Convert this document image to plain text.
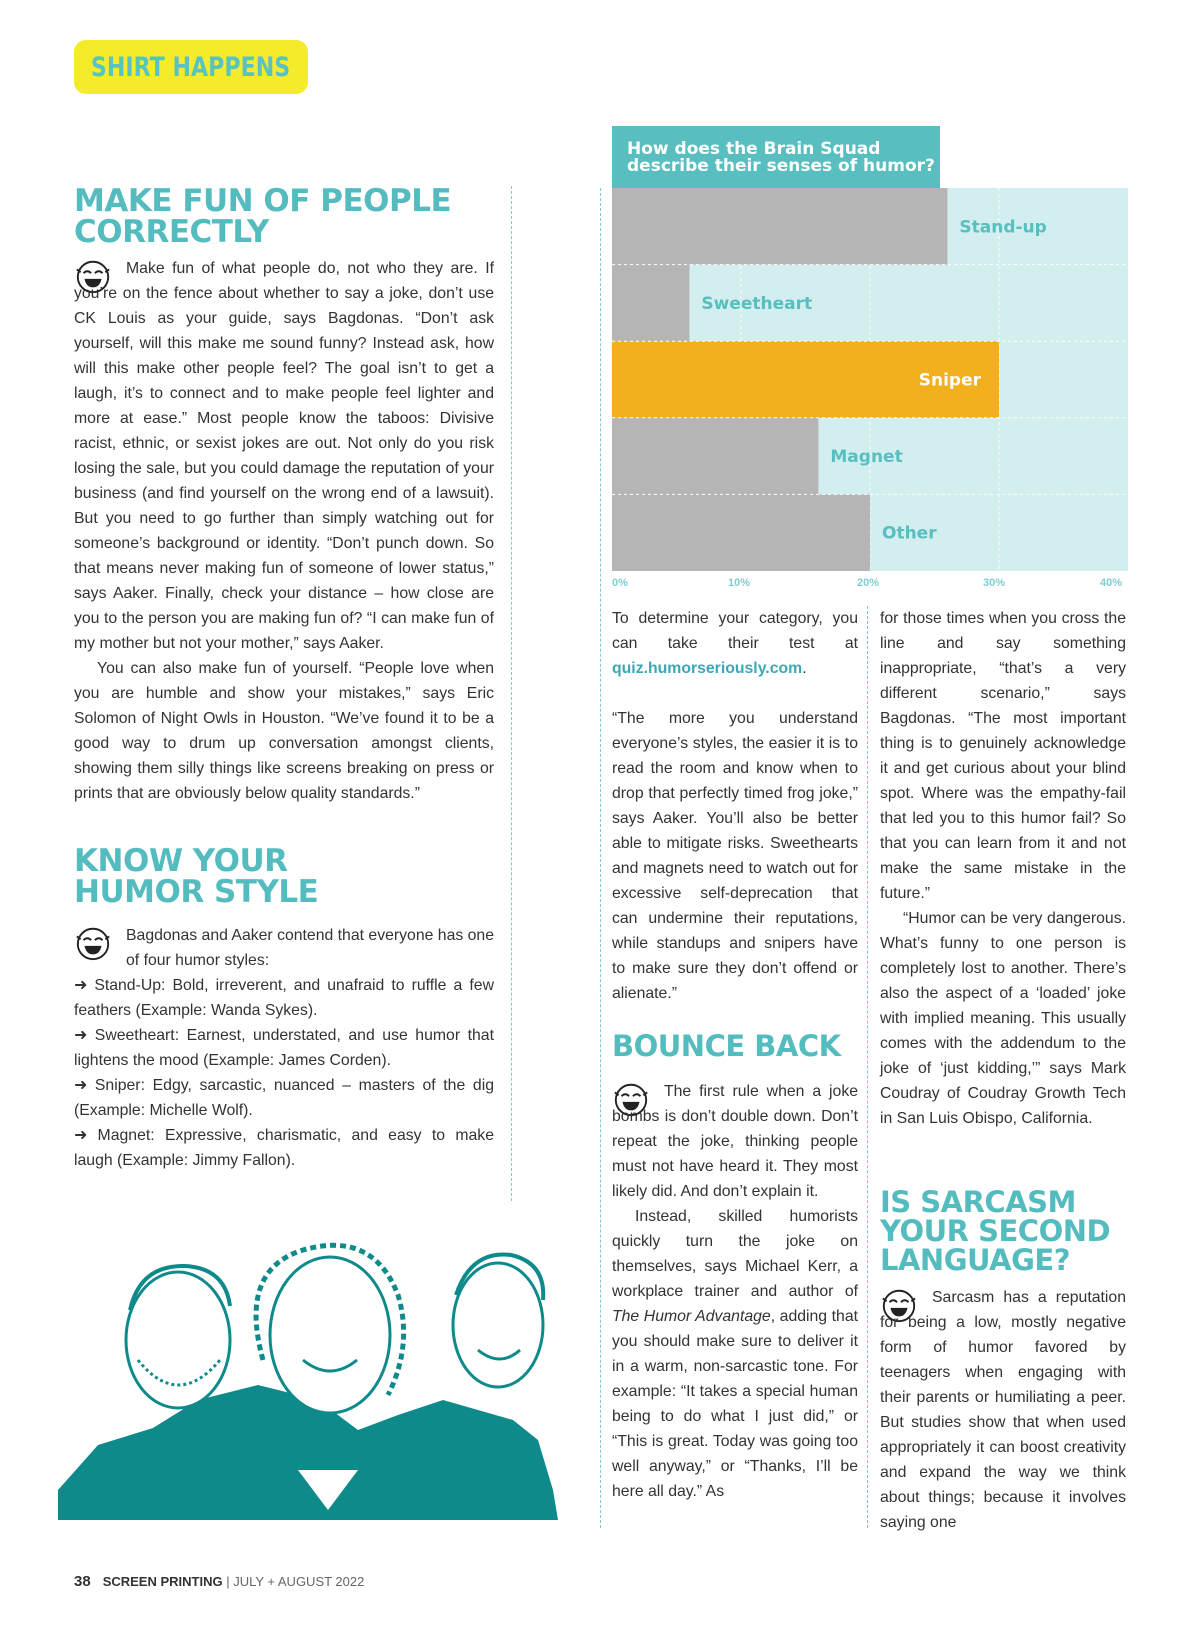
SHIRT HAPPENS
MAKE FUN OF PEOPLE
CORRECTLY

Make fun of what people do, not who they are. If you’re on the fence about whether to say a joke, don’t use CK Louis as your guide, says Bagdonas. “Don’t ask yourself, will this make me sound funny? Instead ask, how will this make other people feel? The goal isn’t to get a laugh, it’s to connect and to make people feel lighter and more at ease.” Most people know the taboos: Divisive racist, ethnic, or sexist jokes are out. Not only do you risk losing the sale, but you could damage the reputation of your business (and find yourself on the wrong end of a lawsuit). But you need to go further than simply watching out for someone’s background or identity. “Don’t punch down. So that means never making fun of someone of lower status,” says Aaker. Finally, check your distance – how close are you to the person you are making fun of? “I can make fun of my mother but not your mother,” says Aaker.

You can also make fun of yourself. “People love when you are humble and show your mistakes,” says Eric Solomon of Night Owls in Houston. “We’ve found it to be a good way to drum up conversation amongst clients, showing them silly things like screens breaking on press or prints that are obviously below quality standards.”

KNOW YOUR
HUMOR STYLE

Bagdonas and Aaker contend that everyone has one of four humor styles:

➜ Stand-Up: Bold, irreverent, and unafraid to ruffle a few feathers (Example: Wanda Sykes).

➜ Sweetheart: Earnest, understated, and use humor that lightens the mood (Example: James Corden).

➜ Sniper: Edgy, sarcastic, nuanced – masters of the dig (Example: Michelle Wolf).

➜ Magnet: Expressive, charismatic, and easy to make laugh (Example: Jimmy Fallon).

How does the Brain Squad describe their senses of humor?
Stand-up
Sweetheart
Sniper
Magnet
Other
0%	10%	20%	30%	40%

To determine your category, you can take their test at quiz.humorseriously.com.

“The more you understand everyone’s styles, the easier it is to read the room and know when to drop that perfectly timed frog joke,” says Aaker. You’ll also be better able to mitigate risks. Sweethearts and magnets need to watch out for excessive self-deprecation that can undermine their reputations, while standups and snipers have to make sure they don’t offend or alienate.”

BOUNCE BACK

The first rule when a joke bombs is don’t double down. Don’t repeat the joke, thinking people must not have heard it. They most likely did. And don’t explain it.

Instead, skilled humorists quickly turn the joke on themselves, says Michael Kerr, a workplace trainer and author of The Humor Advantage, adding that you should make sure to deliver it in a warm, non-sarcastic tone. For example: “It takes a special human being to do what I just did,” or “This is great. Today was going too well anyway,” or “Thanks, I’ll be here all day.” As

for those times when you cross the line and say something inappropriate, “that’s a very different scenario,” says Bagdonas. “The most important thing is to genuinely acknowledge it and get curious about your blind spot. Where was the empathy-fail that led you to this humor fail? So that you can learn from it and not make the same mistake in the future.”

“Humor can be very dangerous. What’s funny to one person is completely lost to another. There’s also the aspect of a ‘loaded’ joke with implied meaning. This usually comes with the addendum to the joke of ‘just kidding,’” says Mark Coudray of Coudray Growth Tech in San Luis Obispo, California.

IS SARCASM
YOUR SECOND
LANGUAGE?

Sarcasm has a reputation for being a low, mostly negative form of humor favored by teenagers when engaging with their parents or humiliating a peer. But studies show that when used appropriately it can boost creativity and expand the way we think about things; because it involves saying one

38 SCREEN PRINTING | JULY + AUGUST 2022
